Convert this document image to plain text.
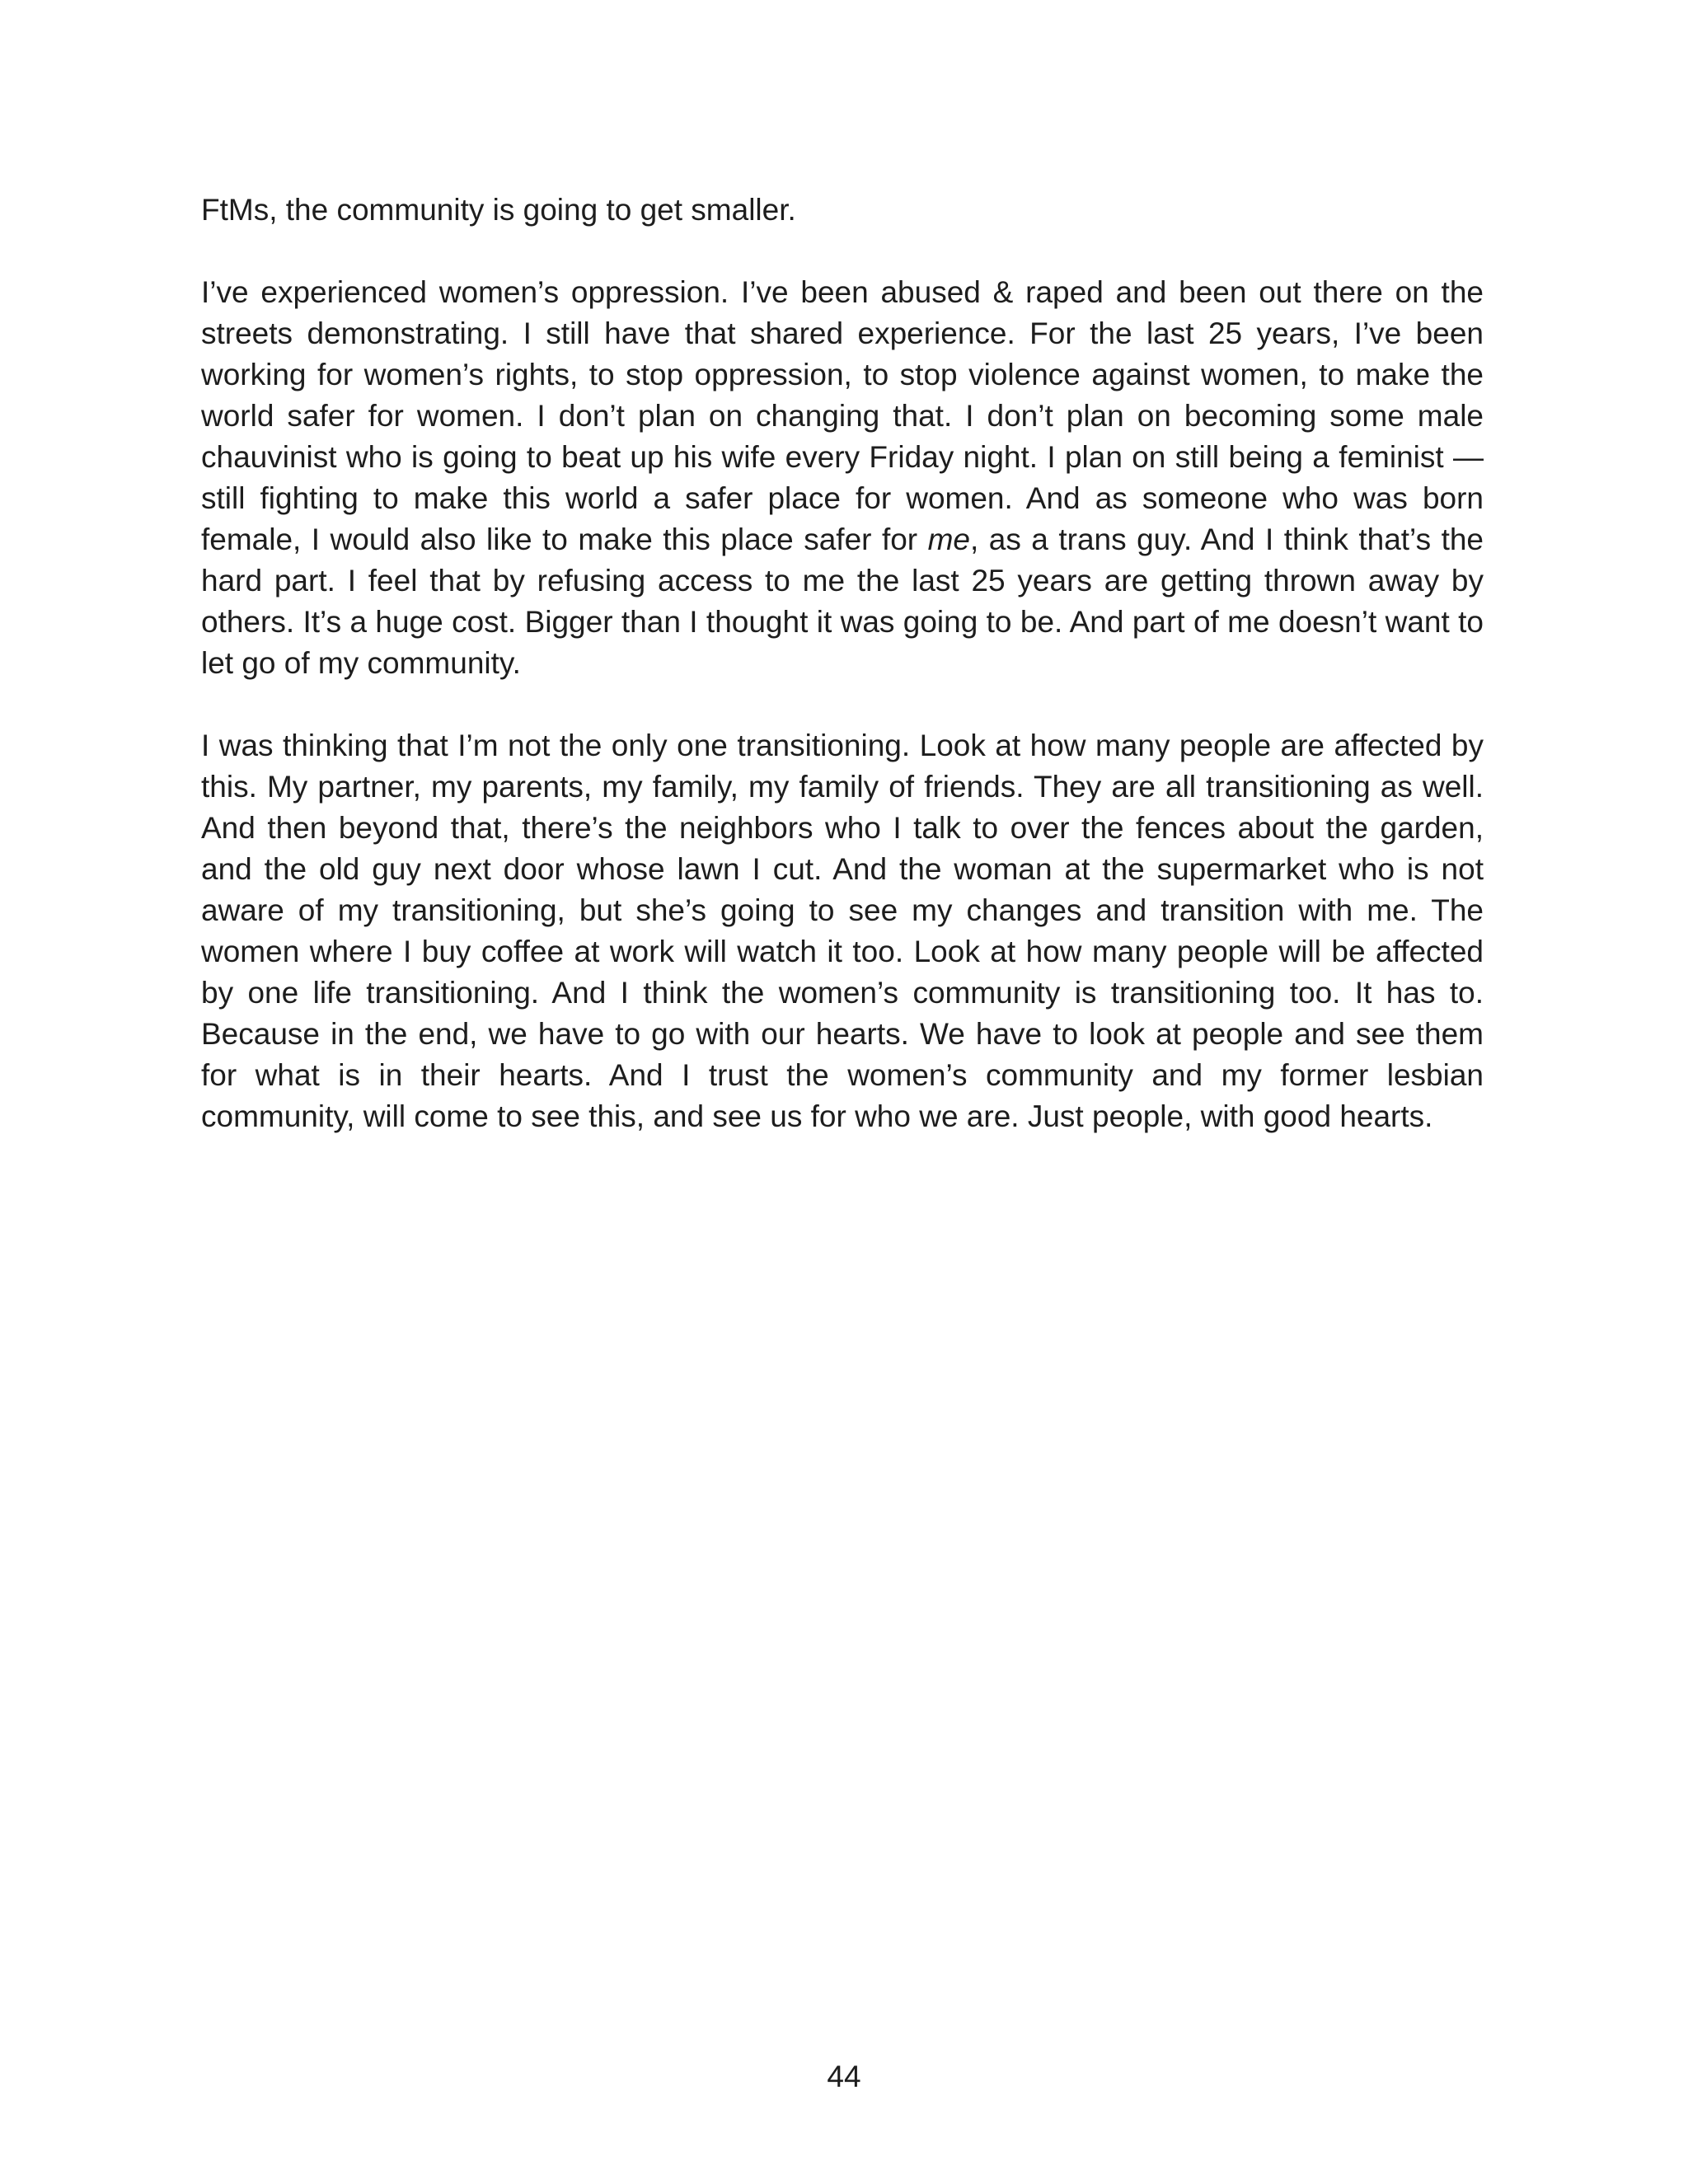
FtMs, the community is going to get smaller.

I’ve experienced women’s oppression. I’ve been abused & raped and been out there on the streets demonstrating. I still have that shared experience. For the last 25 years, I’ve been working for women’s rights, to stop oppression, to stop violence against women, to make the world safer for women. I don’t plan on changing that. I don’t plan on becoming some male chauvinist who is going to beat up his wife every Friday night. I plan on still being a feminist — still fighting to make this world a safer place for women. And as someone who was born female, I would also like to make this place safer for me, as a trans guy. And I think that’s the hard part. I feel that by refusing access to me the last 25 years are getting thrown away by others. It’s a huge cost. Bigger than I thought it was going to be. And part of me doesn’t want to let go of my community.

I was thinking that I’m not the only one transitioning. Look at how many people are affected by this. My partner, my parents, my family, my family of friends. They are all transitioning as well. And then beyond that, there’s the neighbors who I talk to over the fences about the garden, and the old guy next door whose lawn I cut. And the woman at the supermarket who is not aware of my transitioning, but she’s going to see my changes and transition with me. The women where I buy coffee at work will watch it too. Look at how many people will be affected by one life transitioning. And I think the women’s community is transitioning too. It has to. Because in the end, we have to go with our hearts. We have to look at people and see them for what is in their hearts. And I trust the women’s community and my former lesbian community, will come to see this, and see us for who we are. Just people, with good hearts.

44
